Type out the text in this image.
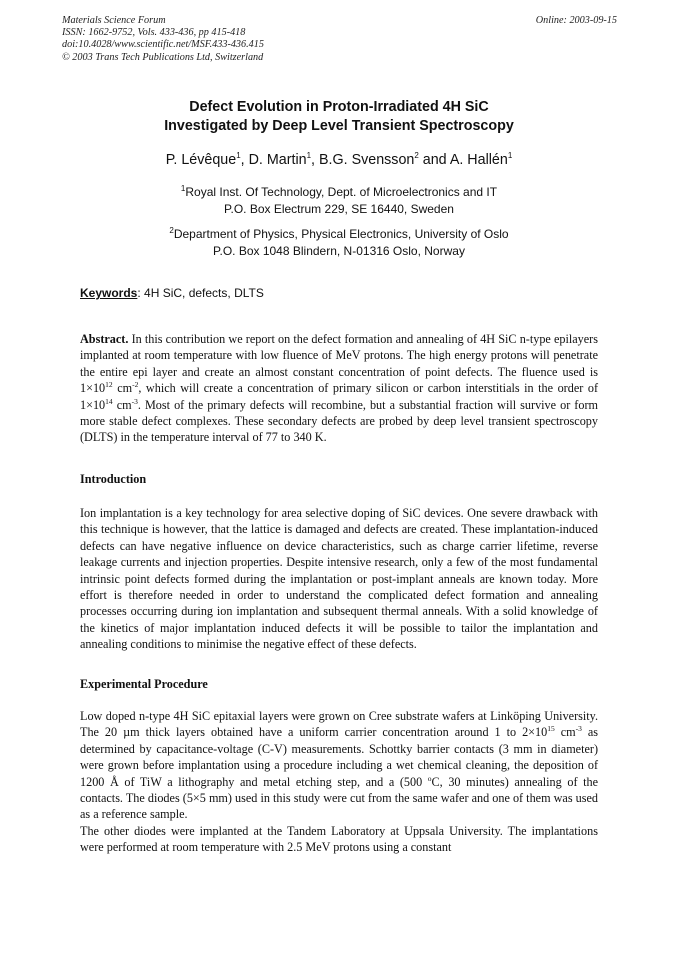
Materials Science Forum
ISSN: 1662-9752, Vols. 433-436, pp 415-418
doi:10.4028/www.scientific.net/MSF.433-436.415
© 2003 Trans Tech Publications Ltd, Switzerland
Online: 2003-09-15
Defect Evolution in Proton-Irradiated 4H SiC
Investigated by Deep Level Transient Spectroscopy
P. Lévêque$^1$, D. Martin$^1$, B.G. Svensson$^2$ and A. Hallén$^1$
$^1$Royal Inst. Of Technology, Dept. of Microelectronics and IT
P.O. Box Electrum 229, SE 16440, Sweden
$^2$Department of Physics, Physical Electronics, University of Oslo
P.O. Box 1048 Blindern, N-01316 Oslo, Norway
Keywords: 4H SiC, defects, DLTS
Abstract. In this contribution we report on the defect formation and annealing of 4H SiC n-type epilayers implanted at room temperature with low fluence of MeV protons. The high energy protons will penetrate the entire epi layer and create an almost constant concentration of point defects. The fluence used is $1\times 10^{12}$ $cm^{-2}$, which will create a concentration of primary silicon or carbon interstitials in the order of $1\times 10^{14}$ $cm^{-3}$. Most of the primary defects will recombine, but a substantial fraction will survive or form more stable defect complexes. These secondary defects are probed by deep level transient spectroscopy (DLTS) in the temperature interval of 77 to 340 K.
Introduction
Ion implantation is a key technology for area selective doping of SiC devices. One severe drawback with this technique is however, that the lattice is damaged and defects are created. These implantation-induced defects can have negative influence on device characteristics, such as charge carrier lifetime, reverse leakage currents and injection properties. Despite intensive research, only a few of the most fundamental intrinsic point defects formed during the implantation or post-implant anneals are known today. More effort is therefore needed in order to understand the complicated defect formation and annealing processes occurring during ion implantation and subsequent thermal anneals. With a solid knowledge of the kinetics of major implantation induced defects it will be possible to tailor the implantation and annealing conditions to minimise the negative effect of these defects.
Experimental Procedure
Low doped n-type 4H SiC epitaxial layers were grown on Cree substrate wafers at Linköping University. The 20 µm thick layers obtained have a uniform carrier concentration around 1 to $2\times 10^{15}$ $cm^{-3}$ as determined by capacitance-voltage (C-V) measurements. Schottky barrier contacts (3 mm in diameter) were grown before implantation using a procedure including a wet chemical cleaning, the deposition of 1200 Å of TiW a lithography and metal etching step, and a (500 $^o$C, 30 minutes) annealing of the contacts. The diodes (5×5 mm) used in this study were cut from the same wafer and one of them was used as a reference sample.
The other diodes were implanted at the Tandem Laboratory at Uppsala University. The implantations were performed at room temperature with 2.5 MeV protons using a constant
